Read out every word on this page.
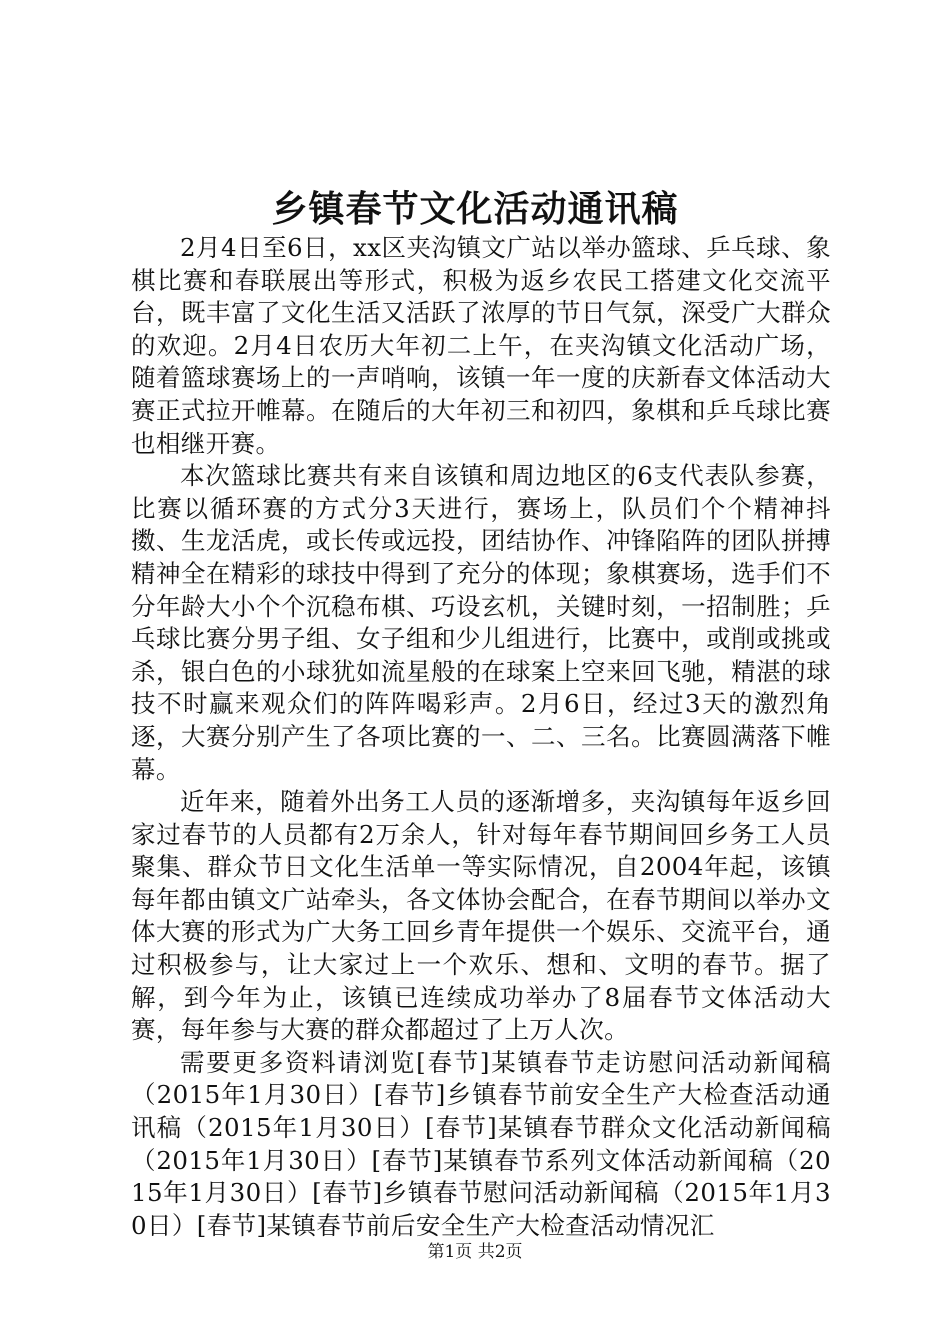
乡镇春节文化活动通讯稿

2月4日至6日，xx区夹沟镇文广站以举办篮球、乒乓球、象棋比赛和春联展出等形式，积极为返乡农民工搭建文化交流平台，既丰富了文化生活又活跃了浓厚的节日气氛，深受广大群众的欢迎。2月4日农历大年初二上午，在夹沟镇文化活动广场，随着篮球赛场上的一声哨响，该镇一年一度的庆新春文体活动大赛正式拉开帷幕。在随后的大年初三和初四，象棋和乒乓球比赛也相继开赛。

本次篮球比赛共有来自该镇和周边地区的6支代表队参赛，比赛以循环赛的方式分3天进行，赛场上，队员们个个精神抖擞、生龙活虎，或长传或远投，团结协作、冲锋陷阵的团队拼搏精神全在精彩的球技中得到了充分的体现；象棋赛场，选手们不分年龄大小个个沉稳布棋、巧设玄机，关键时刻，一招制胜；乒乓球比赛分男子组、女子组和少儿组进行，比赛中，或削或挑或杀，银白色的小球犹如流星般的在球案上空来回飞驰，精湛的球技不时赢来观众们的阵阵喝彩声。2月6日，经过3天的激烈角逐，大赛分别产生了各项比赛的一、二、三名。比赛圆满落下帷幕。

近年来，随着外出务工人员的逐渐增多，夹沟镇每年返乡回家过春节的人员都有2万余人，针对每年春节期间回乡务工人员聚集、群众节日文化生活单一等实际情况，自2004年起，该镇每年都由镇文广站牵头，各文体协会配合，在春节期间以举办文体大赛的形式为广大务工回乡青年提供一个娱乐、交流平台，通过积极参与，让大家过上一个欢乐、想和、文明的春节。据了解，到今年为止，该镇已连续成功举办了8届春节文体活动大赛，每年参与大赛的群众都超过了上万人次。

需要更多资料请浏览[春节]某镇春节走访慰问活动新闻稿（2015年1月30日）[春节]乡镇春节前安全生产大检查活动通讯稿（2015年1月30日）[春节]某镇春节群众文化活动新闻稿（2015年1月30日）[春节]某镇春节系列文体活动新闻稿（2015年1月30日）[春节]乡镇春节慰问活动新闻稿（2015年1月30日）[春节]某镇春节前后安全生产大检查活动情况汇

第1页 共2页
